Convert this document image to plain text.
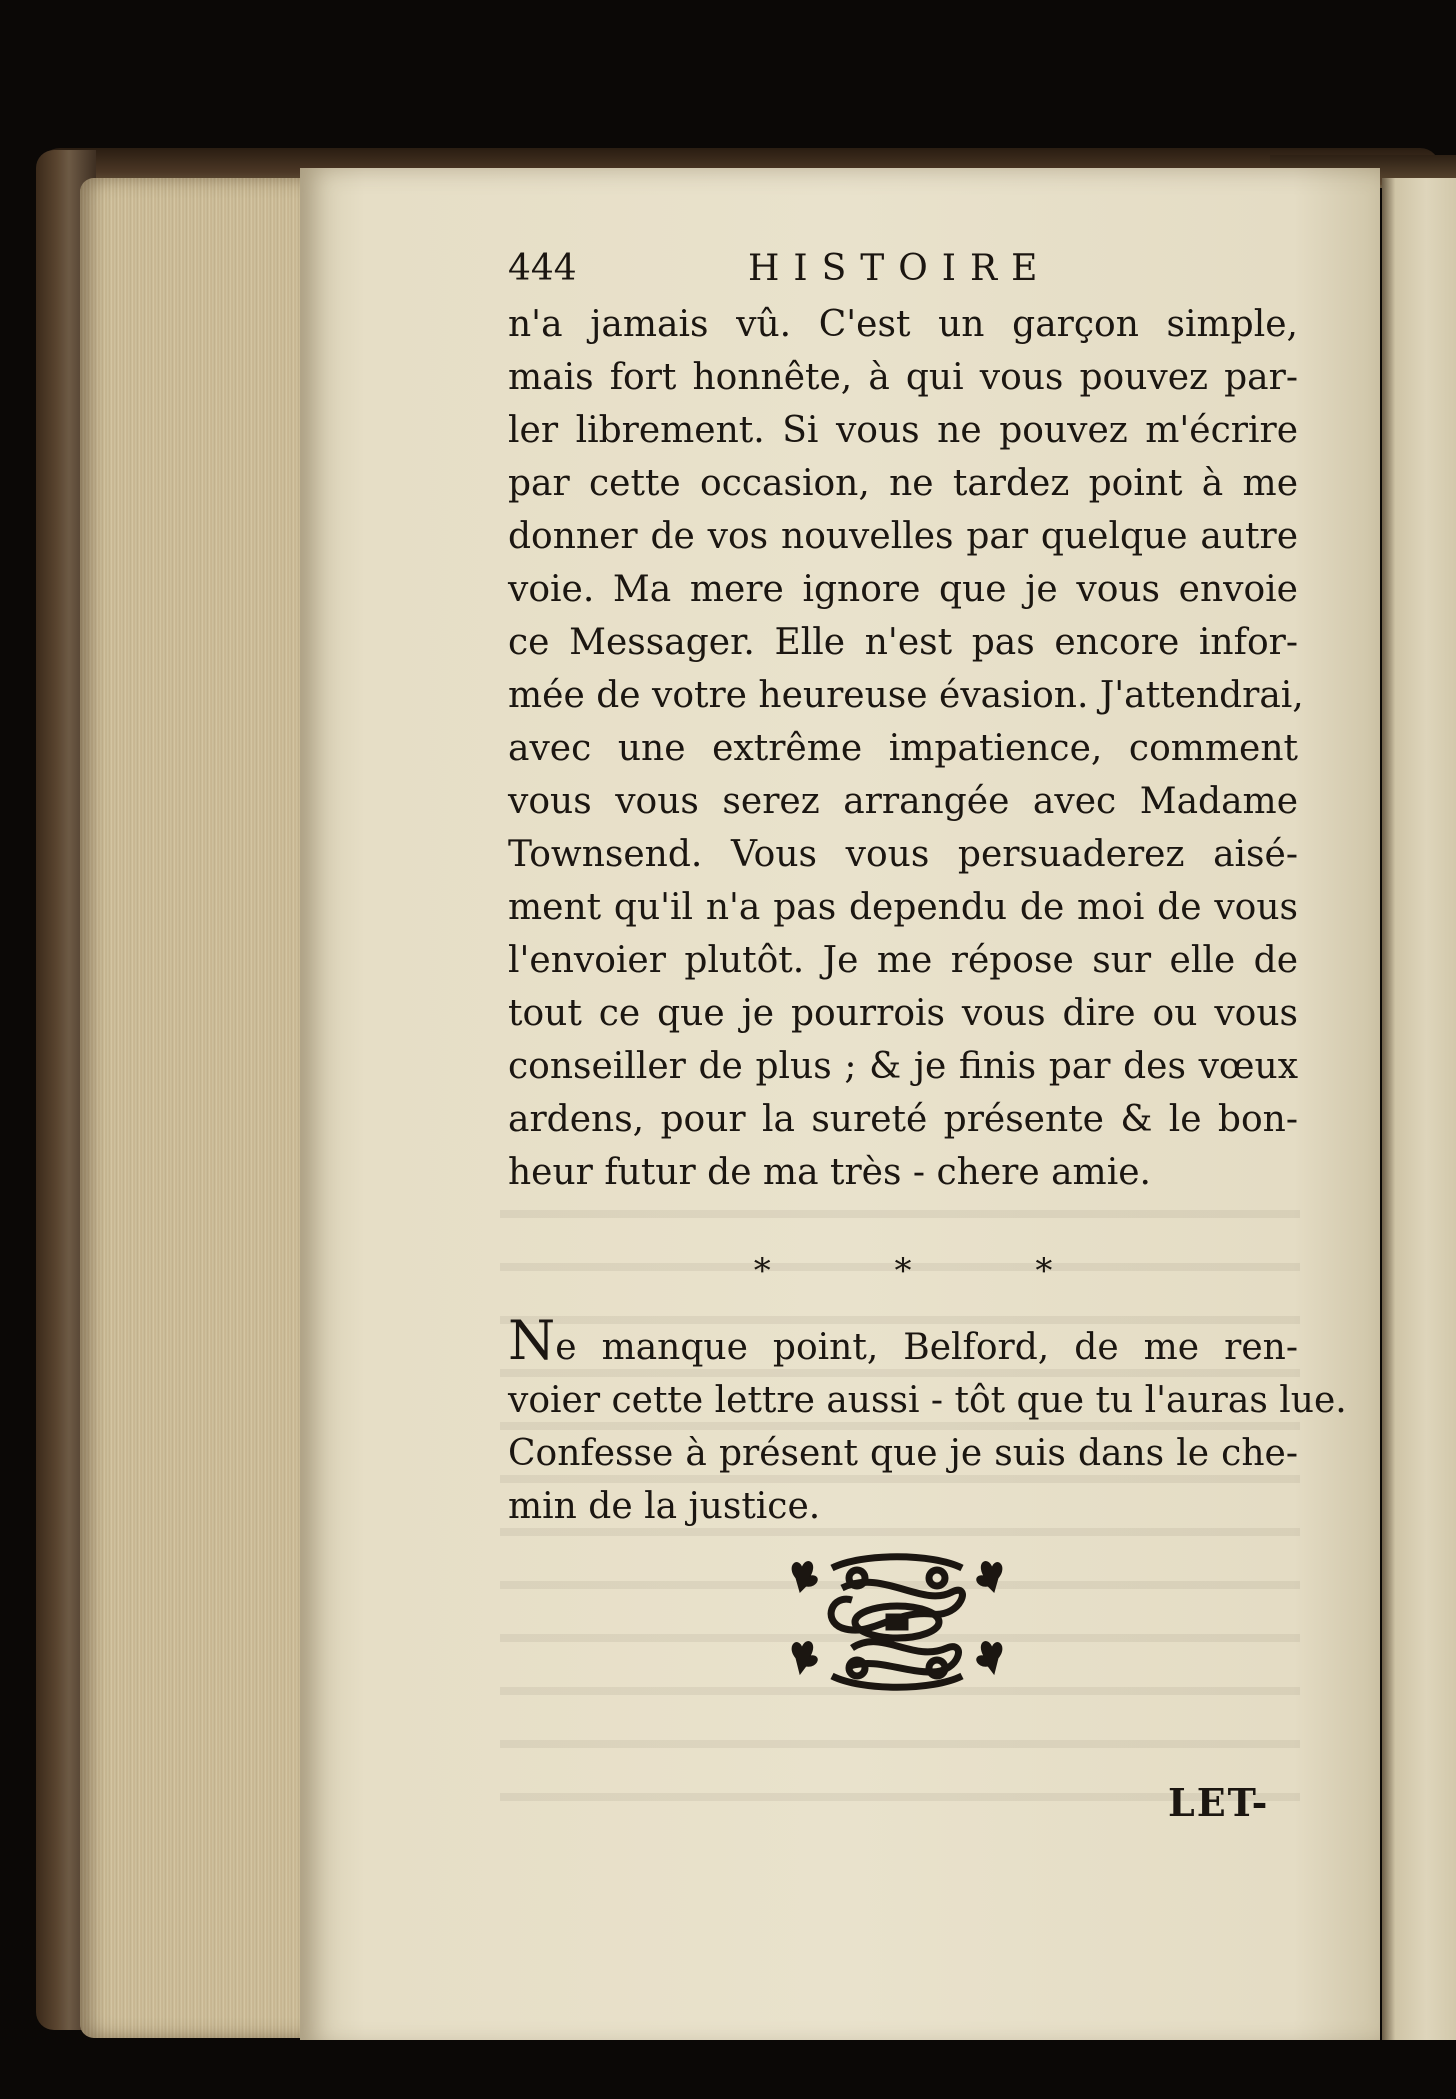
444	HISTOIRE
n'a jamais vû. C'est un garçon simple,
mais fort honnête, à qui vous pouvez par-
ler librement. Si vous ne pouvez m'écrire
par cette occasion, ne tardez point à me
donner de vos nouvelles par quelque autre
voie. Ma mere ignore que je vous envoie
ce Messager. Elle n'est pas encore infor-
mée de votre heureuse évasion. J'attendrai,
avec une extrême impatience, comment
vous vous serez arrangée avec Madame
Townsend. Vous vous persuaderez aisé-
ment qu'il n'a pas dependu de moi de vous
l'envoier plutôt. Je me répose sur elle de
tout ce que je pourrois vous dire ou vous
conseiller de plus ; & je finis par des vœux
ardens, pour la sureté présente & le bon-
heur futur de ma très - chere amie.
*	*	*
Ne manque point, Belford, de me ren-
voier cette lettre aussi - tôt que tu l'auras lue.
Confesse à présent que je suis dans le che-
min de la justice.
LET-
